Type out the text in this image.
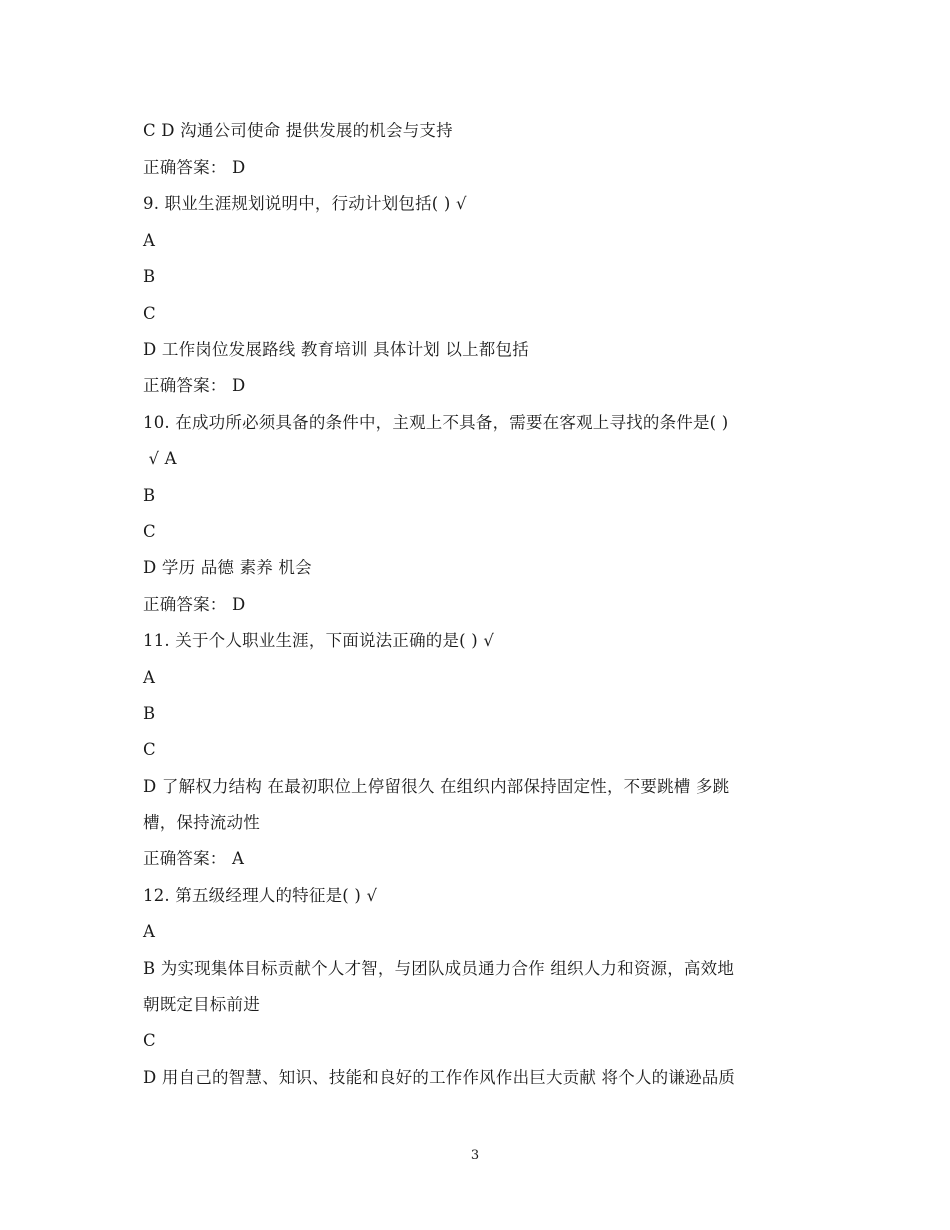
C D 沟通公司使命 提供发展的机会与支持
正确答案： D
9. 职业生涯规划说明中，行动计划包括( ) √
A
B
C
D 工作岗位发展路线 教育培训 具体计划 以上都包括
正确答案： D
10. 在成功所必须具备的条件中，主观上不具备，需要在客观上寻找的条件是( )
√ A
B
C
D 学历 品德 素养 机会
正确答案： D
11. 关于个人职业生涯，下面说法正确的是( ) √
A
B
C
D 了解权力结构 在最初职位上停留很久 在组织内部保持固定性，不要跳槽 多跳
槽，保持流动性
正确答案： A
12. 第五级经理人的特征是( ) √
A
B 为实现集体目标贡献个人才智，与团队成员通力合作 组织人力和资源，高效地
朝既定目标前进
C
D 用自己的智慧、知识、技能和良好的工作作风作出巨大贡献 将个人的谦逊品质
3
